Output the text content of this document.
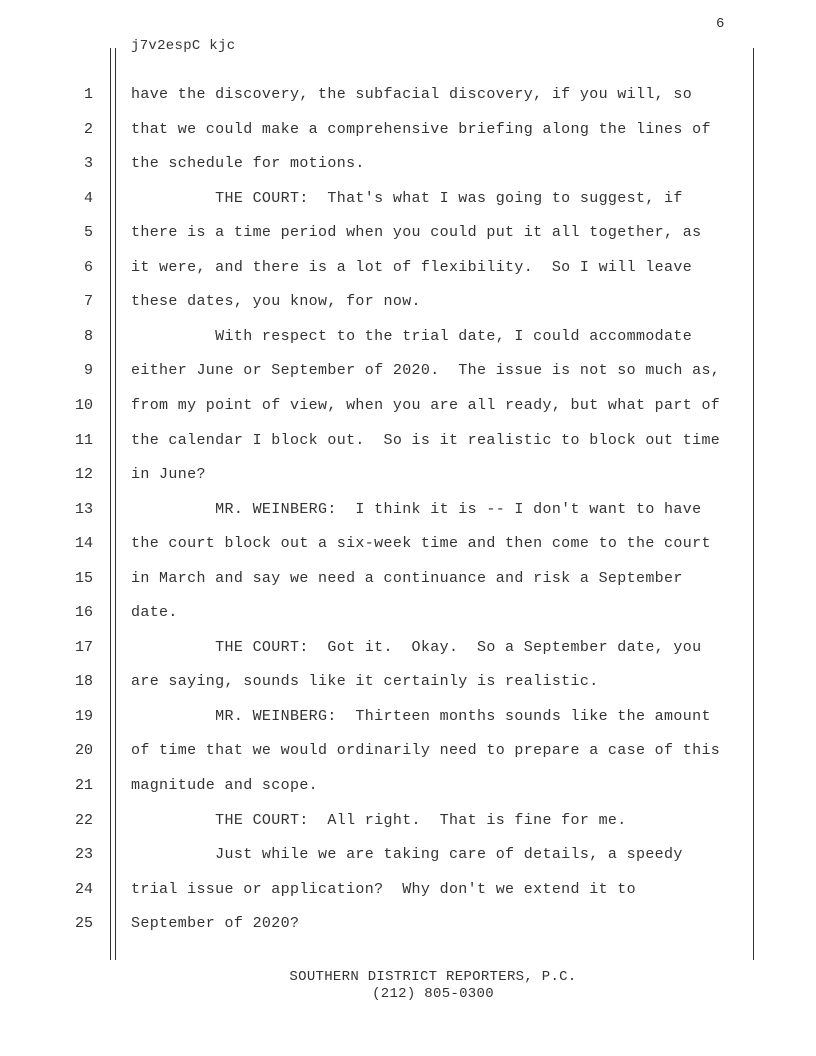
6
j7v2espC kjc
1	have the discovery, the subfacial discovery, if you will, so
2	that we could make a comprehensive briefing along the lines of
3	the schedule for motions.
4	THE COURT:  That's what I was going to suggest, if
5	there is a time period when you could put it all together, as
6	it were, and there is a lot of flexibility.  So I will leave
7	these dates, you know, for now.
8	With respect to the trial date, I could accommodate
9	either June or September of 2020.  The issue is not so much as,
10	from my point of view, when you are all ready, but what part of
11	the calendar I block out.  So is it realistic to block out time
12	in June?
13	MR. WEINBERG:  I think it is -- I don't want to have
14	the court block out a six-week time and then come to the court
15	in March and say we need a continuance and risk a September
16	date.
17	THE COURT:  Got it.  Okay.  So a September date, you
18	are saying, sounds like it certainly is realistic.
19	MR. WEINBERG:  Thirteen months sounds like the amount
20	of time that we would ordinarily need to prepare a case of this
21	magnitude and scope.
22	THE COURT:  All right.  That is fine for me.
23	Just while we are taking care of details, a speedy
24	trial issue or application?  Why don't we extend it to
25	September of 2020?
SOUTHERN DISTRICT REPORTERS, P.C.
(212) 805-0300
